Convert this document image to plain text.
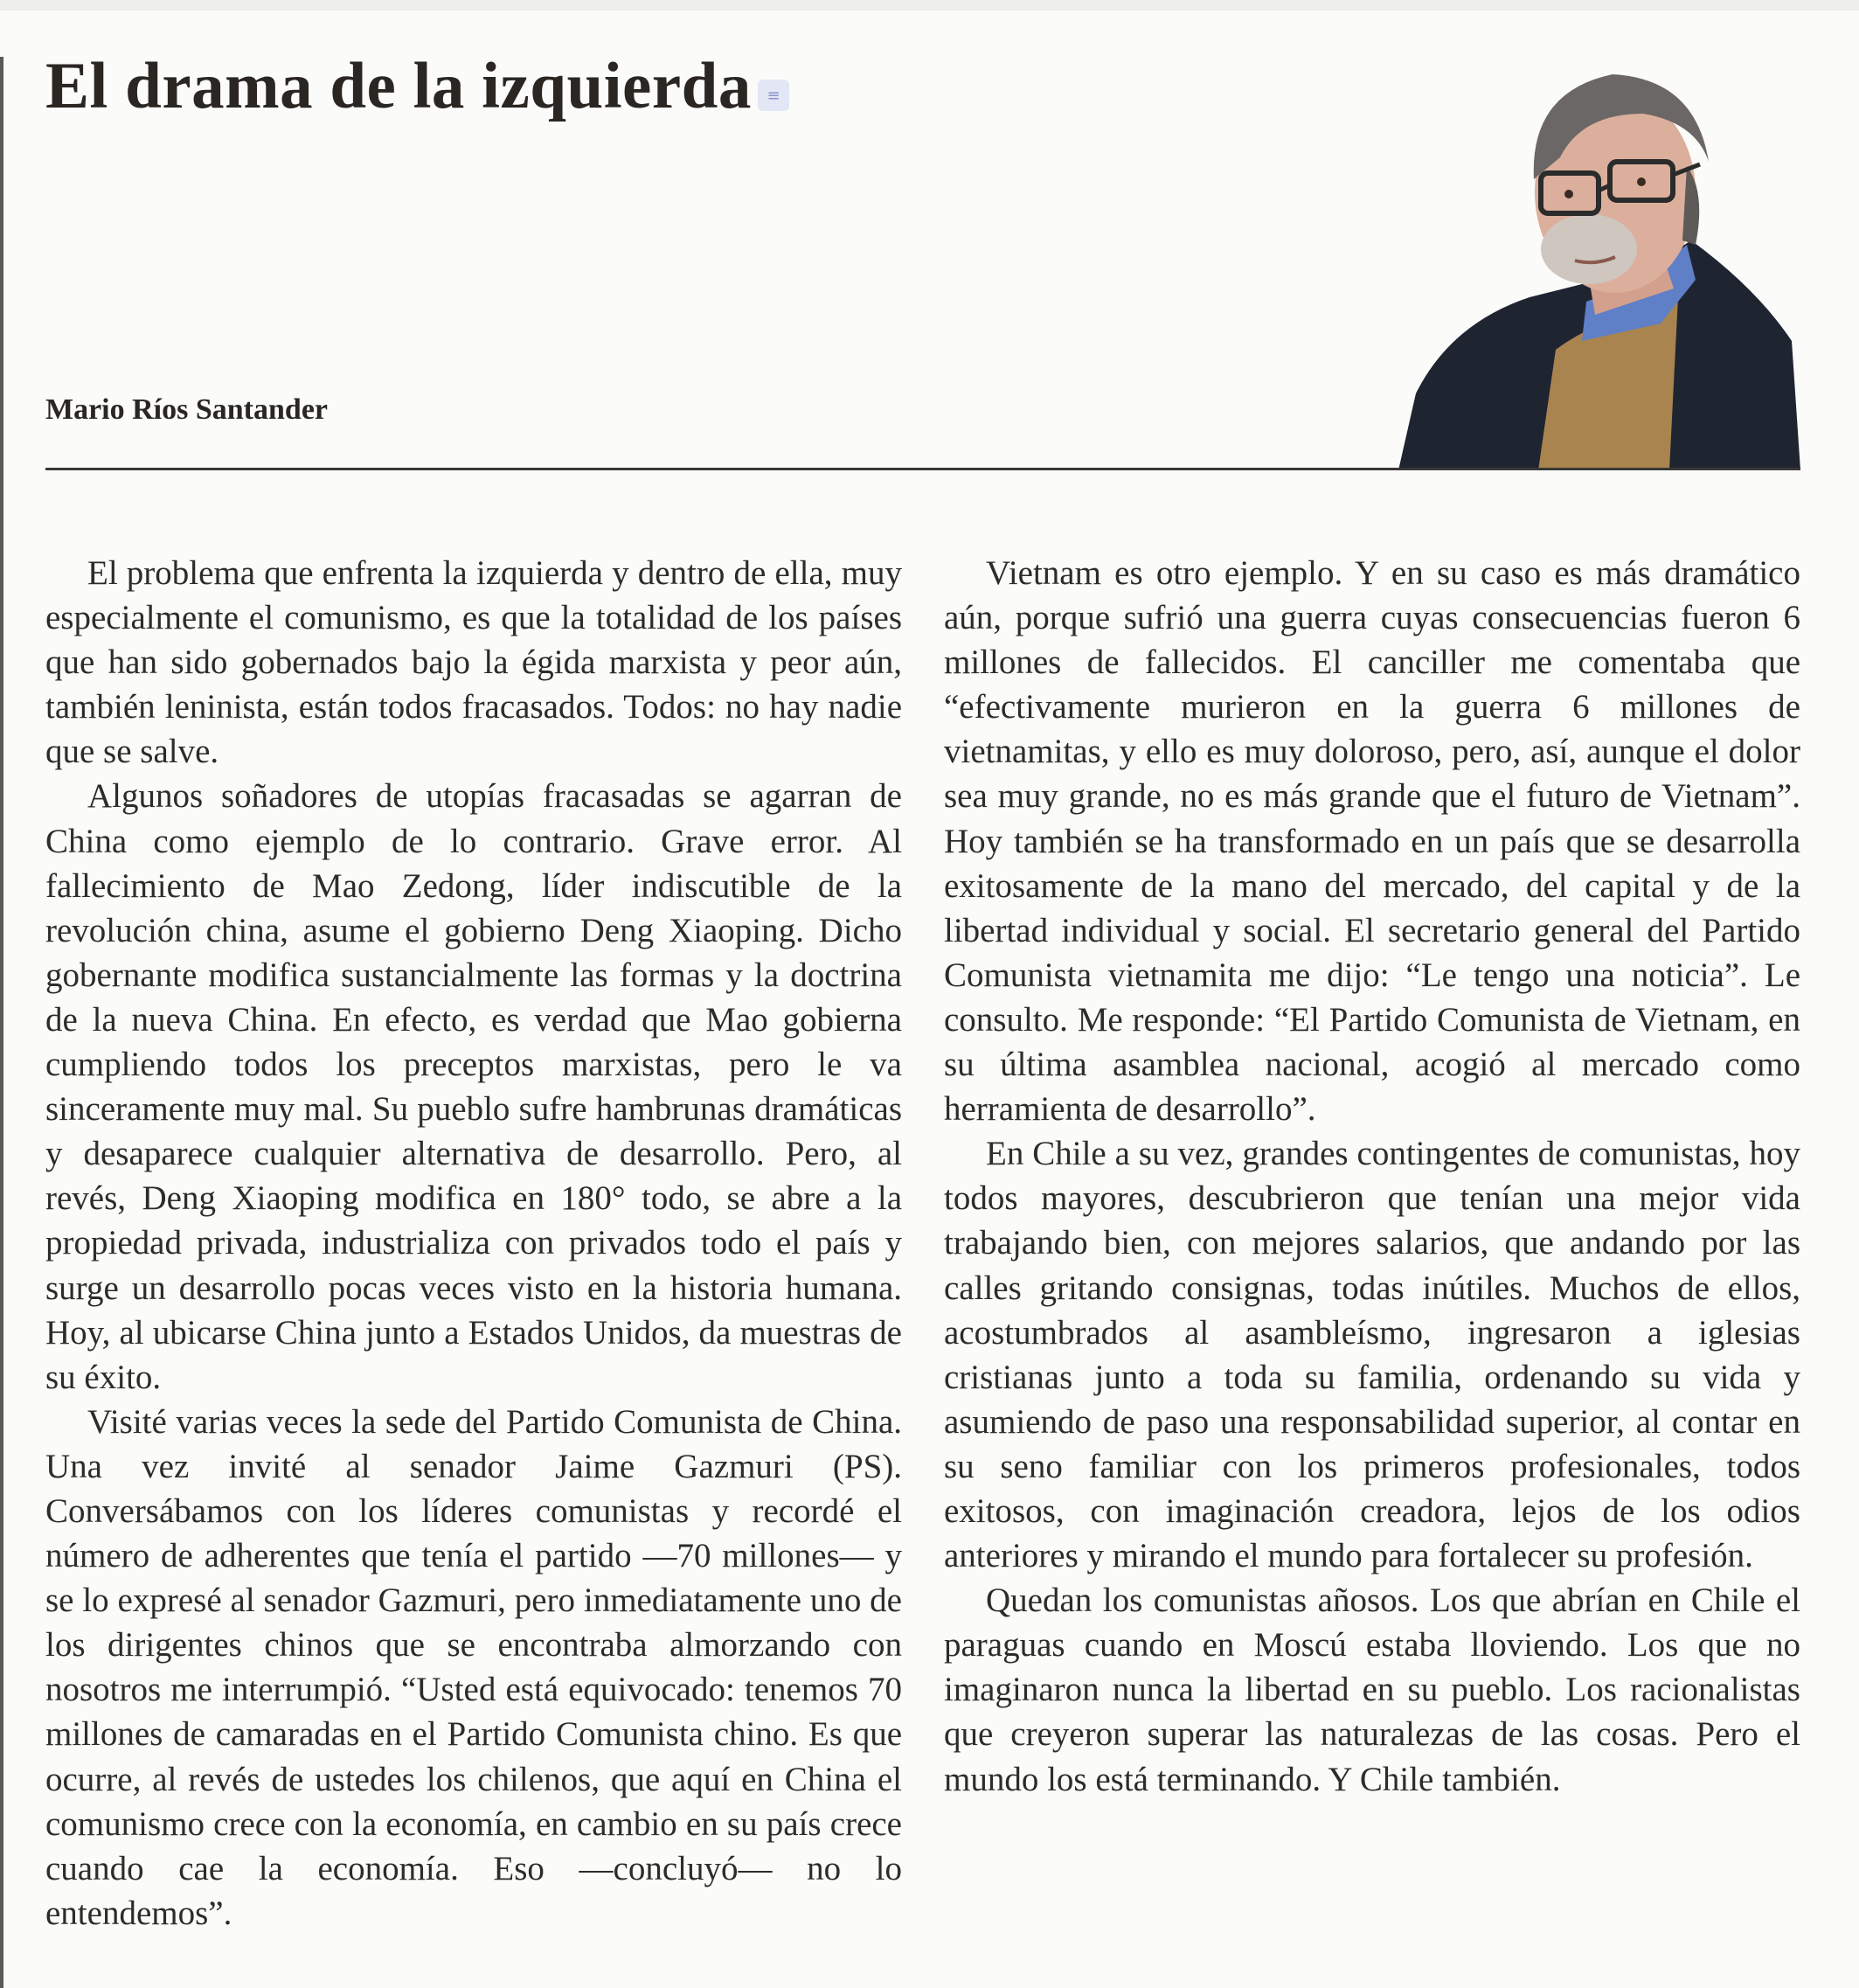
El drama de la izquierda ≡
Mario Ríos Santander

El problema que enfrenta la izquierda y dentro de ella, muy especialmente el comunismo, es que la totalidad de los países que han sido gobernados bajo la égida marxista y peor aún, también leninista, están todos fracasados. Todos: no hay nadie que se salve.

Algunos soñadores de utopías fracasadas se agarran de China como ejemplo de lo contrario. Grave error. Al fallecimiento de Mao Zedong, líder indiscutible de la revolución china, asume el gobierno Deng Xiaoping. Dicho gobernante modifica sustancialmente las formas y la doctrina de la nueva China. En efecto, es verdad que Mao gobierna cumpliendo todos los preceptos marxistas, pero le va sinceramente muy mal. Su pueblo sufre hambrunas dramáticas y desaparece cualquier alternativa de desarrollo. Pero, al revés, Deng Xiaoping modifica en 180° todo, se abre a la propiedad privada, industrializa con privados todo el país y surge un desarrollo pocas veces visto en la historia humana. Hoy, al ubicarse China junto a Estados Unidos, da muestras de su éxito.

Visité varias veces la sede del Partido Comunista de China. Una vez invité al senador Jaime Gazmuri (PS). Conversábamos con los líderes comunistas y recordé el número de adherentes que tenía el partido —70 millones— y se lo expresé al senador Gazmuri, pero inmediatamente uno de los dirigentes chinos que se encontraba almorzando con nosotros me interrumpió. “Usted está equivocado: tenemos 70 millones de camaradas en el Partido Comunista chino. Es que ocurre, al revés de ustedes los chilenos, que aquí en China el comunismo crece con la economía, en cambio en su país crece cuando cae la economía. Eso —concluyó— no lo entendemos”.

Vietnam es otro ejemplo. Y en su caso es más dramático aún, porque sufrió una guerra cuyas consecuencias fueron 6 millones de fallecidos. El canciller me comentaba que “efectivamente murieron en la guerra 6 millones de vietnamitas, y ello es muy doloroso, pero, así, aunque el dolor sea muy grande, no es más grande que el futuro de Vietnam”. Hoy también se ha transformado en un país que se desarrolla exitosamente de la mano del mercado, del capital y de la libertad individual y social. El secretario general del Partido Comunista vietnamita me dijo: “Le tengo una noticia”. Le consulto. Me responde: “El Partido Comunista de Vietnam, en su última asamblea nacional, acogió al mercado como herramienta de desarrollo”.

En Chile a su vez, grandes contingentes de comunistas, hoy todos mayores, descubrieron que tenían una mejor vida trabajando bien, con mejores salarios, que andando por las calles gritando consignas, todas inútiles. Muchos de ellos, acostumbrados al asambleísmo, ingresaron a iglesias cristianas junto a toda su familia, ordenando su vida y asumiendo de paso una responsabilidad superior, al contar en su seno familiar con los primeros profesionales, todos exitosos, con imaginación creadora, lejos de los odios anteriores y mirando el mundo para fortalecer su profesión.

Quedan los comunistas añosos. Los que abrían en Chile el paraguas cuando en Moscú estaba lloviendo. Los que no imaginaron nunca la libertad en su pueblo. Los racionalistas que creyeron superar las naturalezas de las cosas. Pero el mundo los está terminando. Y Chile también.
